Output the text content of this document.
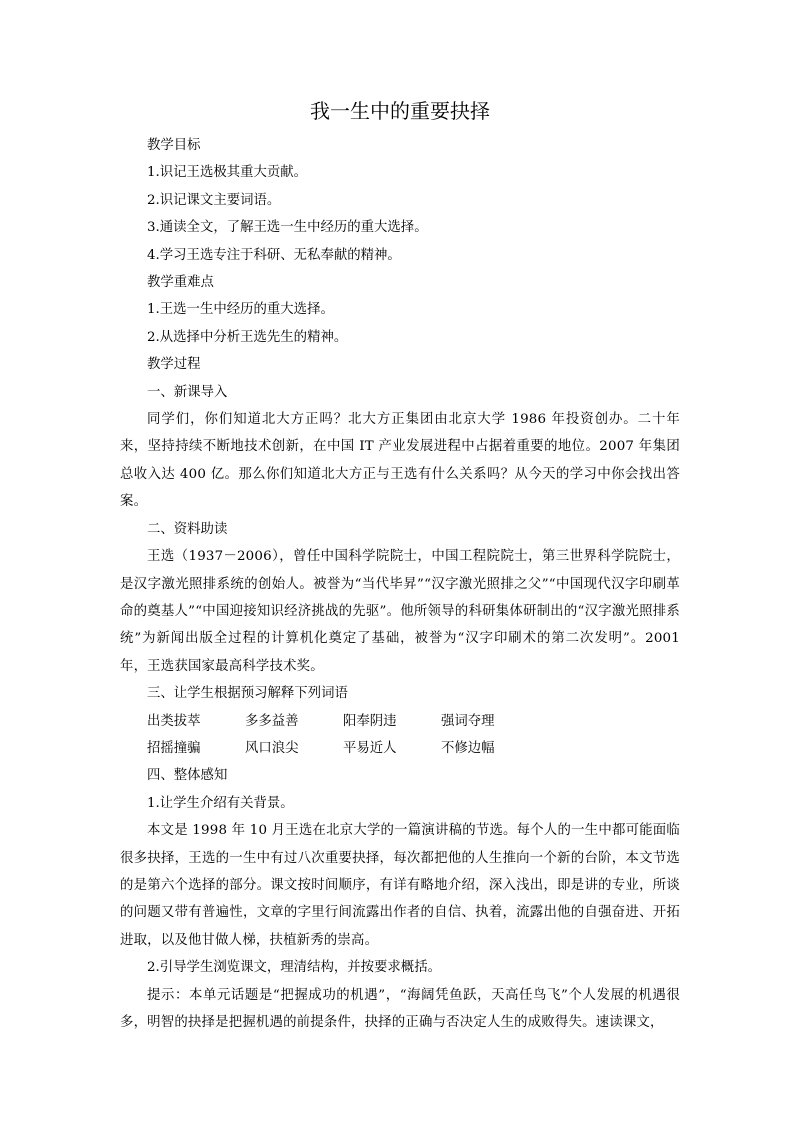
我一生中的重要抉择

教学目标

1.识记王选极其重大贡献。

2.识记课文主要词语。

3.通读全文，了解王选一生中经历的重大选择。

4.学习王选专注于科研、无私奉献的精神。

教学重难点

1.王选一生中经历的重大选择。

2.从选择中分析王选先生的精神。

教学过程

一、新课导入

同学们，你们知道北大方正吗？北大方正集团由北京大学 1986 年投资创办。二十年来，坚持持续不断地技术创新，在中国 IT 产业发展进程中占据着重要的地位。2007 年集团总收入达 400 亿。那么你们知道北大方正与王选有什么关系吗？从今天的学习中你会找出答案。

二、资料助读

王选（1937－2006），曾任中国科学院院士，中国工程院院士，第三世界科学院院士，是汉字激光照排系统的创始人。被誉为“当代毕昇”“汉字激光照排之父”“中国现代汉字印刷革命的奠基人”“中国迎接知识经济挑战的先驱”。他所领导的科研集体研制出的“汉字激光照排系统”为新闻出版全过程的计算机化奠定了基础，被誉为“汉字印刷术的第二次发明”。2001 年，王选获国家最高科学技术奖。

三、让学生根据预习解释下列词语

出类拔萃	多多益善	阳奉阴违	强词夺理
招摇撞骗	风口浪尖	平易近人	不修边幅

四、整体感知

1.让学生介绍有关背景。

本文是 1998 年 10 月王选在北京大学的一篇演讲稿的节选。每个人的一生中都可能面临很多抉择，王选的一生中有过八次重要抉择，每次都把他的人生推向一个新的台阶，本文节选的是第六个选择的部分。课文按时间顺序，有详有略地介绍，深入浅出，即是讲的专业，所谈的问题又带有普遍性，文章的字里行间流露出作者的自信、执着，流露出他的自强奋进、开拓进取，以及他甘做人梯，扶植新秀的崇高。

2.引导学生浏览课文，理清结构，并按要求概括。

提示：本单元话题是“把握成功的机遇”，“海阔凭鱼跃，天高任鸟飞”个人发展的机遇很多，明智的抉择是把握机遇的前提条件，抉择的正确与否决定人生的成败得失。速读课文，
